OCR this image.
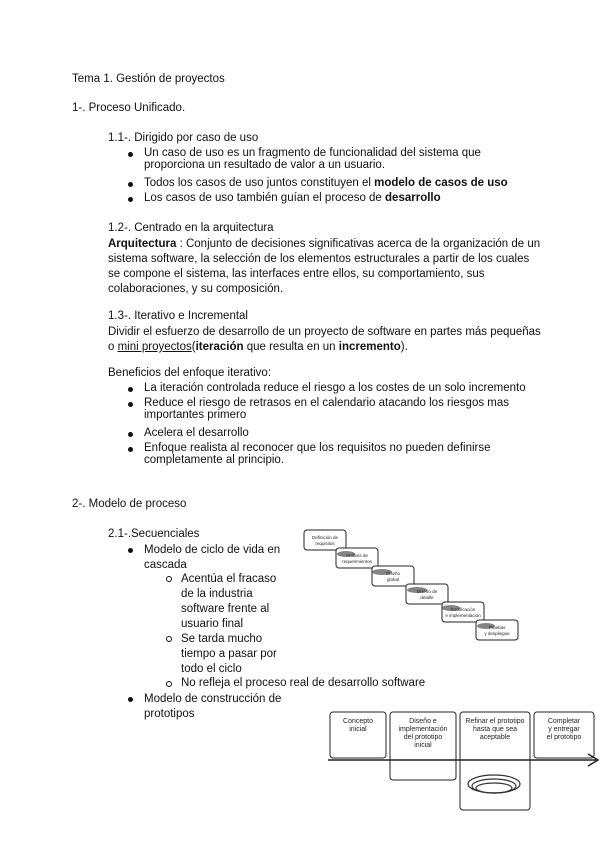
Tema 1. Gestión de proyectos
1-. Proceso Unificado.
1.1-. Dirigido por caso de uso
Un caso de uso es un fragmento de funcionalidad del sistema que
proporciona un resultado de valor a un usuario.
Todos los casos de uso juntos constituyen el modelo de casos de uso
Los casos de uso también guían el proceso de desarrollo
1.2-. Centrado en la arquitectura
Arquitectura : Conjunto de decisiones significativas acerca de la organización de un
sistema software, la selección de los elementos estructurales a partir de los cuales
se compone el sistema, las interfaces entre ellos, su comportamiento, sus
colaboraciones, y su composición.
1.3-. Iterativo e Incremental
Dividir el esfuerzo de desarrollo de un proyecto de software en partes más pequeñas
o mini proyectos(iteración que resulta en un incremento).
Beneficios del enfoque iterativo:
La iteración controlada reduce el riesgo a los costes de un solo incremento
Reduce el riesgo de retrasos en el calendario atacando los riesgos mas
importantes primero
Acelera el desarrollo
Enfoque realista al reconocer que los requisitos no pueden definirse
completamente al principio.
2-. Modelo de proceso
2.1-.Secuenciales
Modelo de ciclo de vida en
cascada
Acentúa el fracaso
de la industria
software frente al
usuario final
Se tarda mucho
tiempo a pasar por
todo el ciclo
No refleja el proceso real de desarrollo software
Modelo de construcción de
prototipos
Definición de
requisitos
Análisis de
requerimientos
Diseño
global
Diseño de
detalle
Codificación
e implementación
Pruebas
y despliegue
Concepto
inicial
Diseño e
implementación
del prototipo
inicial
Refinar el prototipo
hasta que sea
aceptable
Completar
y entregar
el prototipo
